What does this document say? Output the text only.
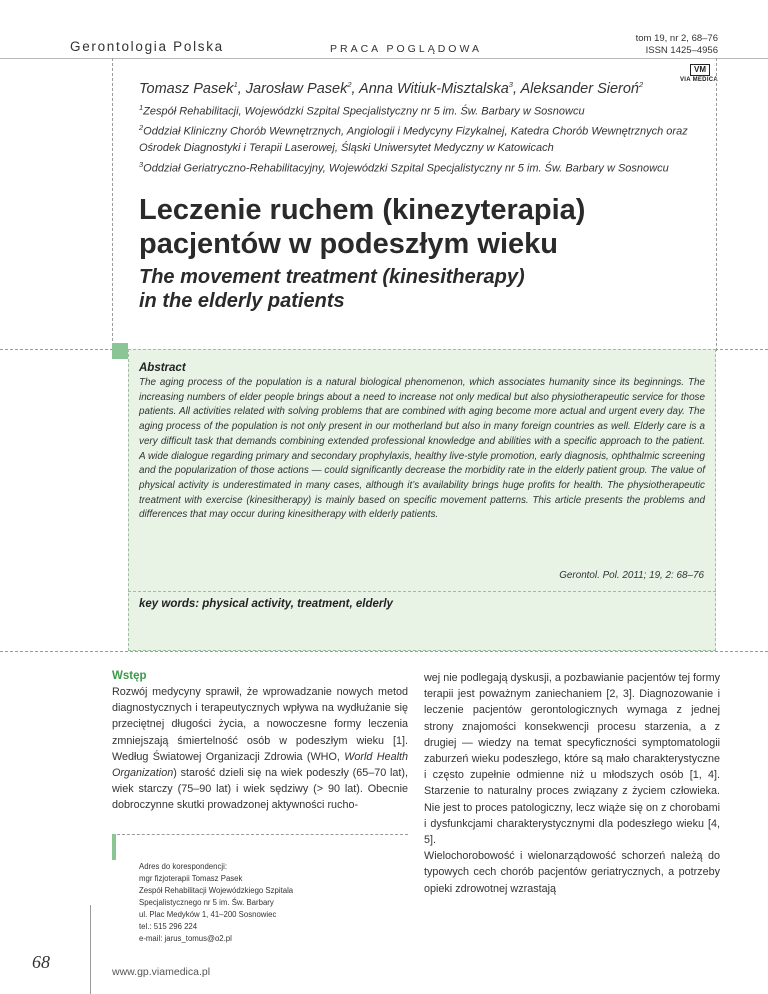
Gerontologia Polska	PRACA POGLĄDOWA
tom 19, nr 2, 68–76
ISSN 1425–4956
VM
VIA MEDICA
Tomasz Pasek$^1$, Jarosław Pasek$^2$, Anna Witiuk-Misztalska$^3$, Aleksander Sieroń$^2$
$^1$Zespół Rehabilitacji, Wojewódzki Szpital Specjalistyczny nr 5 im. Św. Barbary w Sosnowcu
$^2$Oddział Kliniczny Chorób Wewnętrznych, Angiologii i Medycyny Fizykalnej, Katedra Chorób Wewnętrznych oraz Ośrodek Diagnostyki i Terapii Laserowej, Śląski Uniwersytet Medyczny w Katowicach
$^3$Oddział Geriatryczno-Rehabilitacyjny, Wojewódzki Szpital Specjalistyczny nr 5 im. Św. Barbary w Sosnowcu
Leczenie ruchem (kinezyterapia)
pacjentów w podeszłym wieku
The movement treatment (kinesitherapy)
in the elderly patients
Abstract
The aging process of the population is a natural biological phenomenon, which associates humanity since its beginnings. The increasing numbers of elder people brings about a need to increase not only medical but also physiotherapeutic service for those patients. All activities related with solving problems that are combined with aging become more actual and urgent every day. The aging process of the population is not only present in our motherland but also in many foreign countries as well. Elderly care is a very difficult task that demands combining extended professional knowledge and abilities with a specific approach to the patient. A wide dialogue regarding primary and secondary prophylaxis, healthy live-style promotion, early diagnosis, ophthalmic screening and the popularization of those actions — could significantly decrease the morbidity rate in the elderly patient group. The value of physical activity is underestimated in many cases, although it’s availability brings huge profits for health. The physiotherapeutic treatment with exercise (kinesitherapy) is mainly based on specific movement patterns. This article presents the problems and differences that may occur during kinesitherapy with elderly patients.
Gerontol. Pol. 2011; 19, 2: 68–76
key words: physical activity, treatment, elderly
Wstęp

Rozwój medycyny sprawił, że wprowadzanie nowych metod diagnostycznych i terapeutycznych wpływa na wydłużanie się przeciętnej długości życia, a nowoczesne formy leczenia zmniejszają śmiertelność osób w podeszłym wieku [1]. Według Światowej Organizacji Zdrowia (WHO, World Health Organization) starość dzieli się na wiek podeszły (65–70 lat), wiek starczy (75–90 lat) i wiek sędziwy (> 90 lat). Obecnie dobroczynne skutki prowadzonej aktywności rucho-

wej nie podlegają dyskusji, a pozbawianie pacjentów tej formy terapii jest poważnym zaniechaniem [2, 3]. Diagnozowanie i leczenie pacjentów gerontologicznych wymaga z jednej strony znajomości konsekwencji procesu starzenia, a z drugiej — wiedzy na temat specyficzności symptomatologii zaburzeń wieku podeszłego, które są mało charakterystyczne i często zupełnie odmienne niż u młodszych osób [1, 4]. Starzenie to naturalny proces związany z życiem człowieka. Nie jest to proces patologiczny, lecz wiąże się on z chorobami i dysfunkcjami charakterystycznymi dla podeszłego wieku [4, 5].

Wielochorobowość i wielonarządowość schorzeń należą do typowych cech chorób pacjentów geriatrycznych, a potrzeby opieki zdrowotnej wzrastają

Adres do korespondencji:
mgr fizjoterapii Tomasz Pasek
Zespół Rehabilitacji Wojewódzkiego Szpitala
Specjalistycznego nr 5 im. Św. Barbary
ul. Plac Medyków 1, 41–200 Sosnowiec
tel.: 515 296 224
e-mail: jarus_tomus@o2.pl
68	www.gp.viamedica.pl
